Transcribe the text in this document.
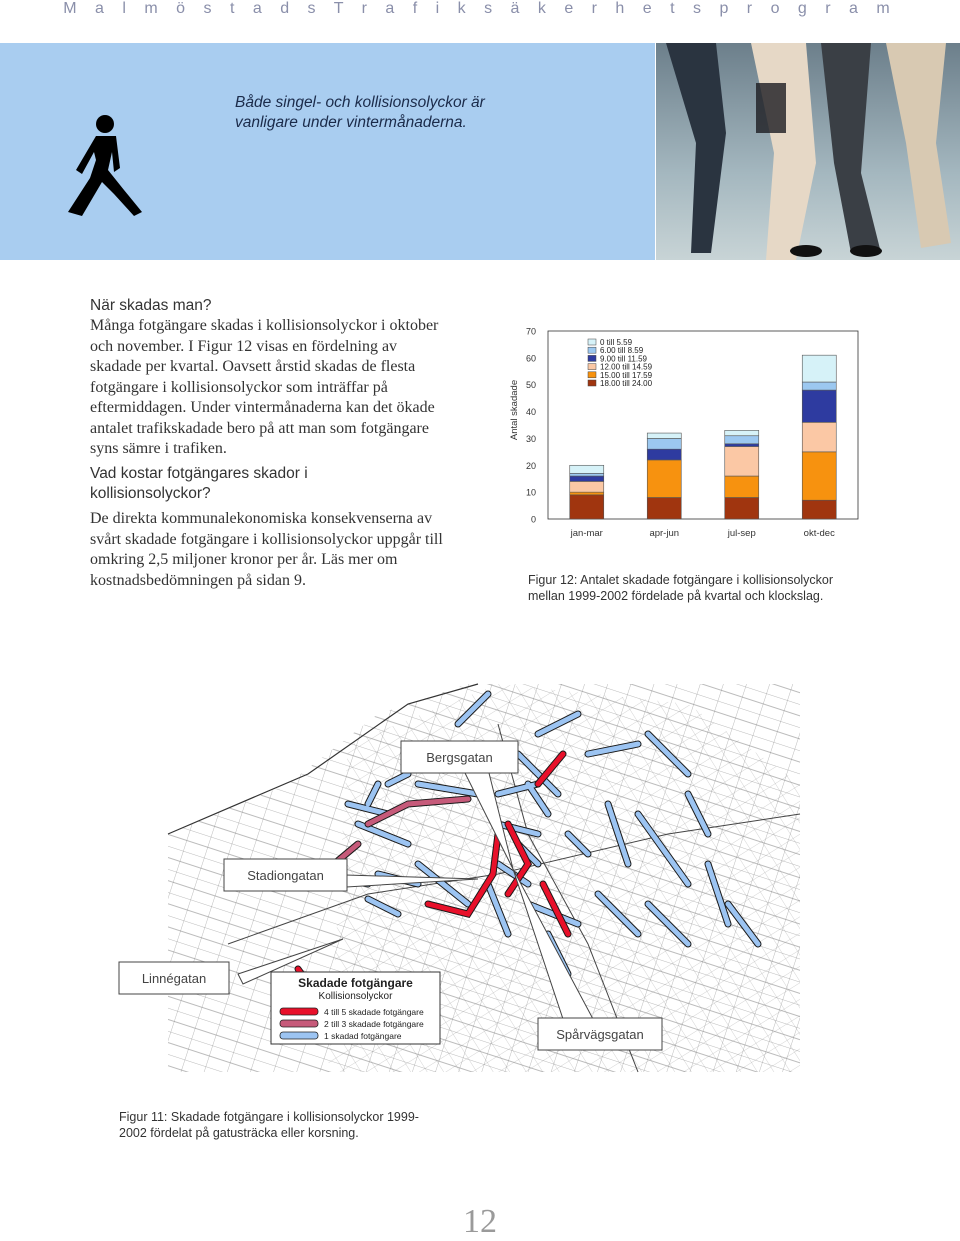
M a l m ö s t a d s T r a f i k s ä k e r h e t s p r o g r a m
Både singel- och kollisionsolyckor är
vanligare under vintermånaderna.
När skadas man?
Många fotgängare skadas i kollisionsolyckor i oktober
och november. I Figur 12 visas en fördelning av
skadade per kvartal. Oavsett årstid skadas de flesta
fotgängare i kollisionsolyckor som inträffar på
eftermiddagen. Under vintermånaderna kan det ökade
antalet trafikskadade bero på att man som fotgängare
syns sämre i trafiken.
Vad kostar fotgängares skador i
kollisionsolyckor?
De direkta kommunalekonomiska konsekvenserna av
svårt skadade fotgängare i kollisionsolyckor uppgår till
omkring 2,5 miljoner kronor per år. Läs mer om
kostnadsbedömningen på sidan 9.
0
10
20
30
40
50
60
70
Antal skadade
jan-mar	apr-jun	jul-sep	okt-dec
0 till 5.59
6.00 till 8.59
9.00 till 11.59
12.00 till 14.59
15.00 till 17.59
18.00 till 24.00
Figur 12: Antalet skadade fotgängare i kollisionsolyckor
mellan 1999-2002 fördelade på kvartal och klockslag.
Bergsgatan
Stadiongatan
Linnégatan
Spårvägsgatan
Skadade fotgängare
Kollisionsolyckor
4 till 5 skadade fotgängare
2 till 3 skadade fotgängare
1 skadad fotgängare
Figur 11: Skadade fotgängare i kollisionsolyckor 1999-
2002 fördelat på gatusträcka eller korsning.
12
